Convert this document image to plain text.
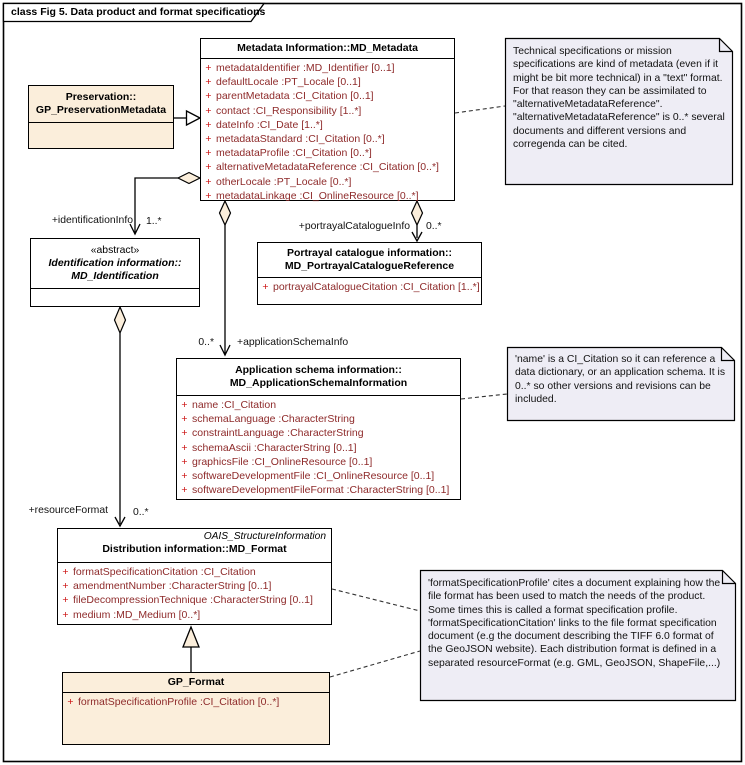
class Fig 5. Data product and format specifications
Preservation::
GP_PreservationMetadata
Metadata Information::MD_Metadata
+ metadataIdentifier :MD_Identifier [0..1]
+ defaultLocale :PT_Locale [0..1]
+ parentMetadata :CI_Citation [0..1]
+ contact :CI_Responsibility [1..*]
+ dateInfo :CI_Date [1..*]
+ metadataStandard :CI_Citation [0..*]
+ metadataProfile :CI_Citation [0..*]
+ alternativeMetadataReference :CI_Citation [0..*]
+ otherLocale :PT_Locale [0..*]
+ metadataLinkage :CI_OnlineResource [0..*]
«abstract»
Identification information::
MD_Identification
Portrayal catalogue information::
MD_PortrayalCatalogueReference
+ portrayalCatalogueCitation :CI_Citation [1..*]
Application schema information::
MD_ApplicationSchemaInformation
+ name :CI_Citation
+ schemaLanguage :CharacterString
+ constraintLanguage :CharacterString
+ schemaAscii :CharacterString [0..1]
+ graphicsFile :CI_OnlineResource [0..1]
+ softwareDevelopmentFile :CI_OnlineResource [0..1]
+ softwareDevelopmentFileFormat :CharacterString [0..1]
OAIS_StructureInformation
Distribution information::MD_Format
+ formatSpecificationCitation :CI_Citation
+ amendmentNumber :CharacterString [0..1]
+ fileDecompressionTechnique :CharacterString [0..1]
+ medium :MD_Medium [0..*]
GP_Format
+ formatSpecificationProfile :CI_Citation [0..*]
+identificationInfo 1..*
0..* +applicationSchemaInfo
+portrayalCatalogueInfo 0..*
+resourceFormat 0..*
Technical specifications or mission specifications are kind of metadata (even if it might be bit more technical) in a "text" format. For that reason they can be assimilated to "alternativeMetadataReference". "alternativeMetadataReference" is 0..* several documents and different versions and corregenda can be cited.
'name' is a CI_Citation so it can reference a data dictionary, or an application schema. It is 0..* so other versions and revisions can be included.
'formatSpecificationProfile' cites a document explaining how the file format has been used to match the needs of the product. Some times this is called a format specification profile. 'formatSpecificationCitation' links to the file format specification document (e.g the document describing the TIFF 6.0 format of the GeoJSON website). Each distribution format is defined in a separated resourceFormat (e.g. GML, GeoJSON, ShapeFile,...)
